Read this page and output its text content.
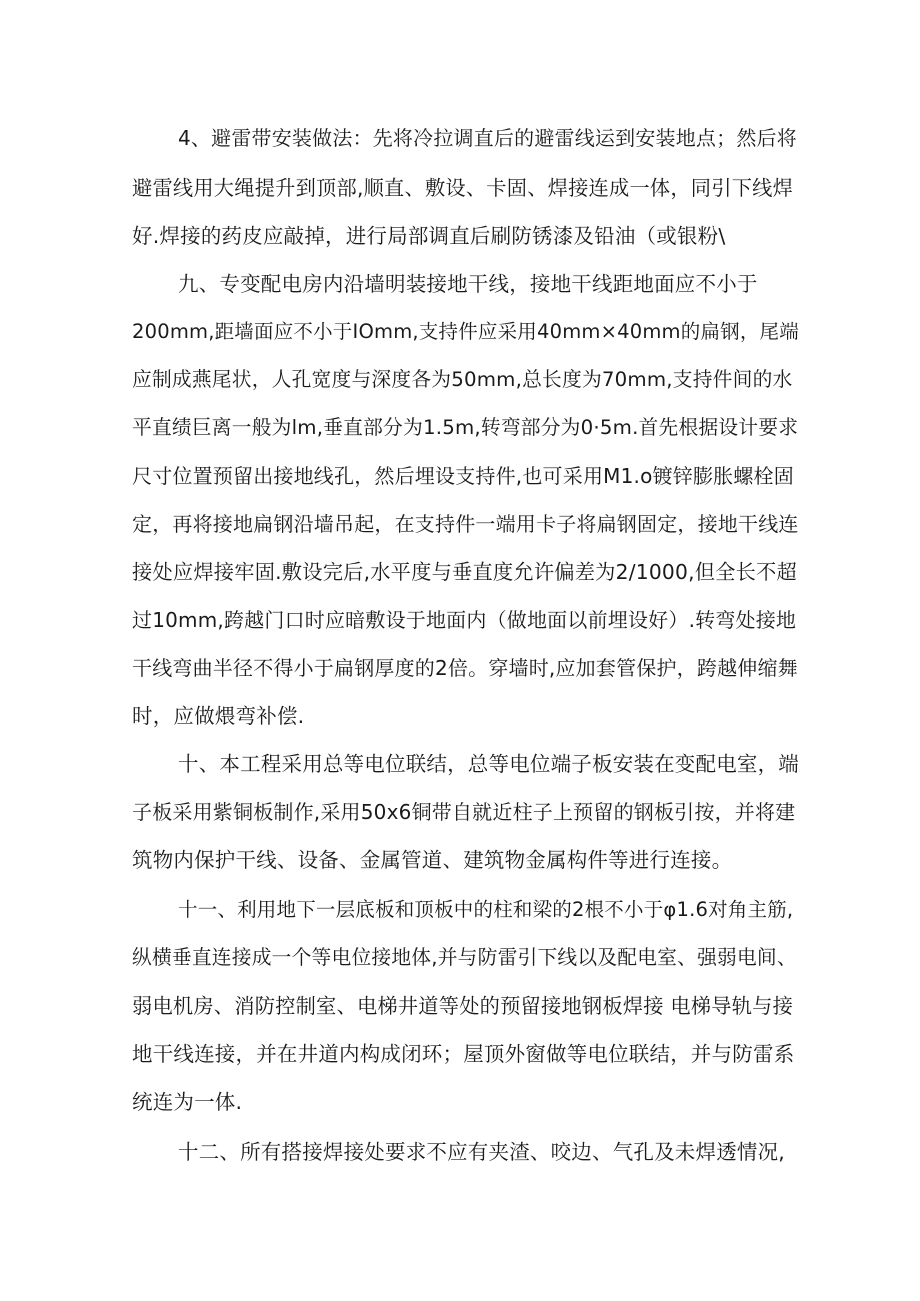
4、避雷带安装做法：先将冷拉调直后的避雷线运到安装地点；然后将
避雷线用大绳提升到顶部,顺直、敷设、卡固、焊接连成一体，同引下线焊
好.焊接的药皮应敲掉，进行局部调直后刷防锈漆及铅油（或银粉\
九、专变配电房内沿墙明装接地干线，接地干线距地面应不小于
200mm,距墙面应不小于IOmm,支持件应采用40mm×40mm的扁钢，尾端
应制成燕尾状，人孔宽度与深度各为50mm,总长度为70mm,支持件间的水
平直绩巨离一般为lm,垂直部分为1.5m,转弯部分为0·5m.首先根据设计要求
尺寸位置预留出接地线孔，然后埋设支持件,也可采用M1.o镀锌膨胀螺栓固
定，再将接地扁钢沿墙吊起，在支持件一端用卡子将扁钢固定，接地干线连
接处应焊接牢固.敷设完后,水平度与垂直度允许偏差为2/1000,但全长不超
过10mm,跨越门口时应暗敷设于地面内（做地面以前埋设好）.转弯处接地
干线弯曲半径不得小于扁钢厚度的2倍。穿墙时,应加套管保护，跨越伸缩舞
时，应做煨弯补偿.
十、本工程采用总等电位联结，总等电位端子板安装在变配电室，端
子板采用紫铜板制作,采用50x6铜带自就近柱子上预留的钢板引按，并将建
筑物内保护干线、设备、金属管道、建筑物金属构件等进行连接。
十一、利用地下一层底板和顶板中的柱和梁的2根不小于φ1.6对角主筋,
纵横垂直连接成一个等电位接地体,并与防雷引下线以及配电室、强弱电间、
弱电机房、消防控制室、电梯井道等处的预留接地钢板焊接 电梯导轨与接
地干线连接，并在井道内构成闭环；屋顶外窗做等电位联结，并与防雷系
统连为一体.
十二、所有搭接焊接处要求不应有夹渣、咬边、气孔及未焊透情况,
